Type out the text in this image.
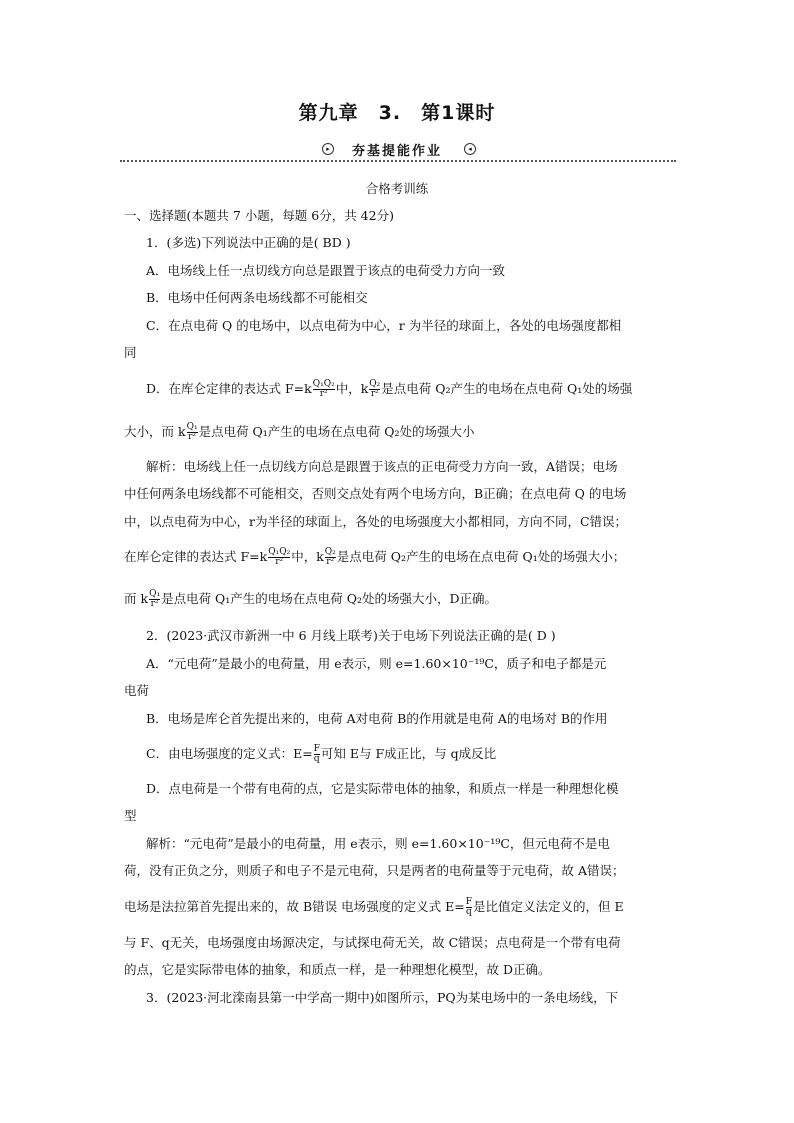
第九章　3.　第1课时
▸	夯基提能作业	◂
合格考训练
一、选择题(本题共 7 小题，每题 6分，共 42分)
1．(多选)下列说法中正确的是( BD )
A．电场线上任一点切线方向总是跟置于该点的电荷受力方向一致
B．电场中任何两条电场线都不可能相交
C．在点电荷 Q 的电场中，以点电荷为中心，r 为半径的球面上，各处的电场强度都相
同
D．在库仑定律的表达式 $F=k \frac{\text{Q₁Q₂}}{\text{r²}}$ 中，k $\frac{\text{Q₂}}{\text{r²}}$ 是点电荷 Q₂产生的电场在点电荷 Q₁处的场强
大小，而 k $\frac{\text{Q₁}}{\text{r²}}$ 是点电荷 Q₁产生的电场在点电荷 Q₂处的场强大小
解析：电场线上任一点切线方向总是跟置于该点的正电荷受力方向一致，A错误；电场
中任何两条电场线都不可能相交，否则交点处有两个电场方向，B正确；在点电荷 Q 的电场
中，以点电荷为中心，r为半径的球面上，各处的电场强度大小都相同，方向不同，C错误；
在库仑定律的表达式 $F=k \frac{\text{Q₁Q₂}}{\text{r²}}$ 中，k $\frac{\text{Q₂}}{\text{r²}}$ 是点电荷 Q₂产生的电场在点电荷 Q₁处的场强大小；
而 k $\frac{\text{Q₁}}{\text{r²}}$ 是点电荷 Q₁产生的电场在点电荷 Q₂处的场强大小，D正确。
2．(2023·武汉市新洲一中 6 月线上联考)关于电场下列说法正确的是( D )
A．“元电荷”是最小的电荷量，用 e表示，则 e=1.60×10⁻¹⁹C，质子和电子都是元
电荷
B．电场是库仑首先提出来的，电荷 A对电荷 B的作用就是电荷 A的电场对 B的作用
C．由电场强度的定义式：$E= \frac{F}{q}$ 可知 E与 F成正比，与 q成反比
D．点电荷是一个带有电荷的点，它是实际带电体的抽象，和质点一样是一种理想化模
型
解析：“元电荷”是最小的电荷量，用 e表示，则 e=1.60×10⁻¹⁹C，但元电荷不是电
荷，没有正负之分，则质子和电子不是元电荷，只是两者的电荷量等于元电荷，故 A错误；
电场是法拉第首先提出来的，故 B错误 电场强度的定义式 $E= \frac{F}{q}$ 是比值定义法定义的，但 E
与 F、q无关，电场强度由场源决定，与试探电荷无关，故 C错误；点电荷是一个带有电荷
的点，它是实际带电体的抽象，和质点一样，是一种理想化模型，故 D正确。
3．(2023·河北滦南县第一中学高一期中)如图所示，PQ为某电场中的一条电场线，下
